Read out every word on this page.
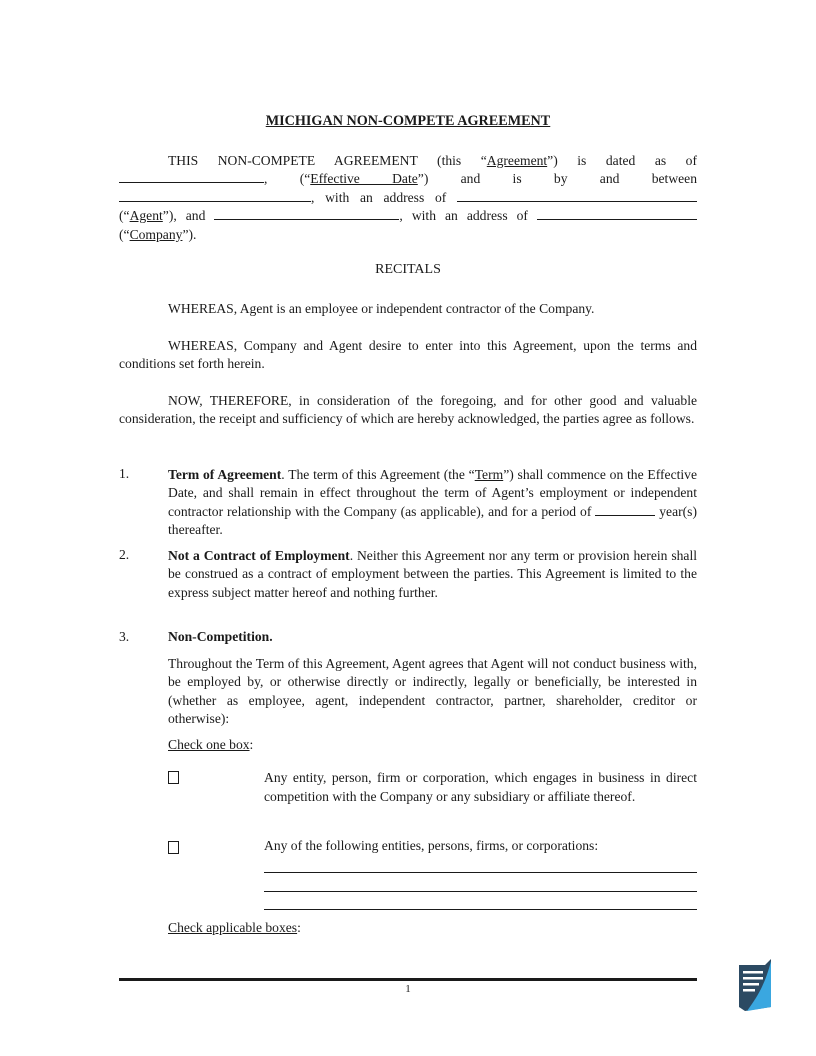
MICHIGAN NON-COMPETE AGREEMENT
THIS NON-COMPETE AGREEMENT (this “Agreement”) is dated as of
, (“Effective Date”) and is by and between
, with an address of
(“Agent”), and	, with an address of
(“Company”).
RECITALS

WHEREAS, Agent is an employee or independent contractor of the Company.

WHEREAS, Company and Agent desire to enter into this Agreement, upon the terms and conditions set forth herein.

NOW, THEREFORE, in consideration of the foregoing, and for other good and valuable consideration, the receipt and sufficiency of which are hereby acknowledged, the parties agree as follows.

1.	Term of Agreement. The term of this Agreement (the “Term”) shall commence on the Effective Date, and shall remain in effect throughout the term of Agent’s employment or independent contractor relationship with the Company (as applicable), and for a period of	year(s) thereafter.
2.	Not a Contract of Employment. Neither this Agreement nor any term or provision herein shall be construed as a contract of employment between the parties. This Agreement is limited to the express subject matter hereof and nothing further.
3.	Non-Competition.
Throughout the Term of this Agreement, Agent agrees that Agent will not conduct business with, be employed by, or otherwise directly or indirectly, legally or beneficially, be interested in (whether as employee, agent, independent contractor, partner, shareholder, creditor or otherwise):
Check one box:
Any entity, person, firm or corporation, which engages in business in direct competition with the Company or any subsidiary or affiliate thereof.
Any of the following entities, persons, firms, or corporations:
Check applicable boxes:
1
